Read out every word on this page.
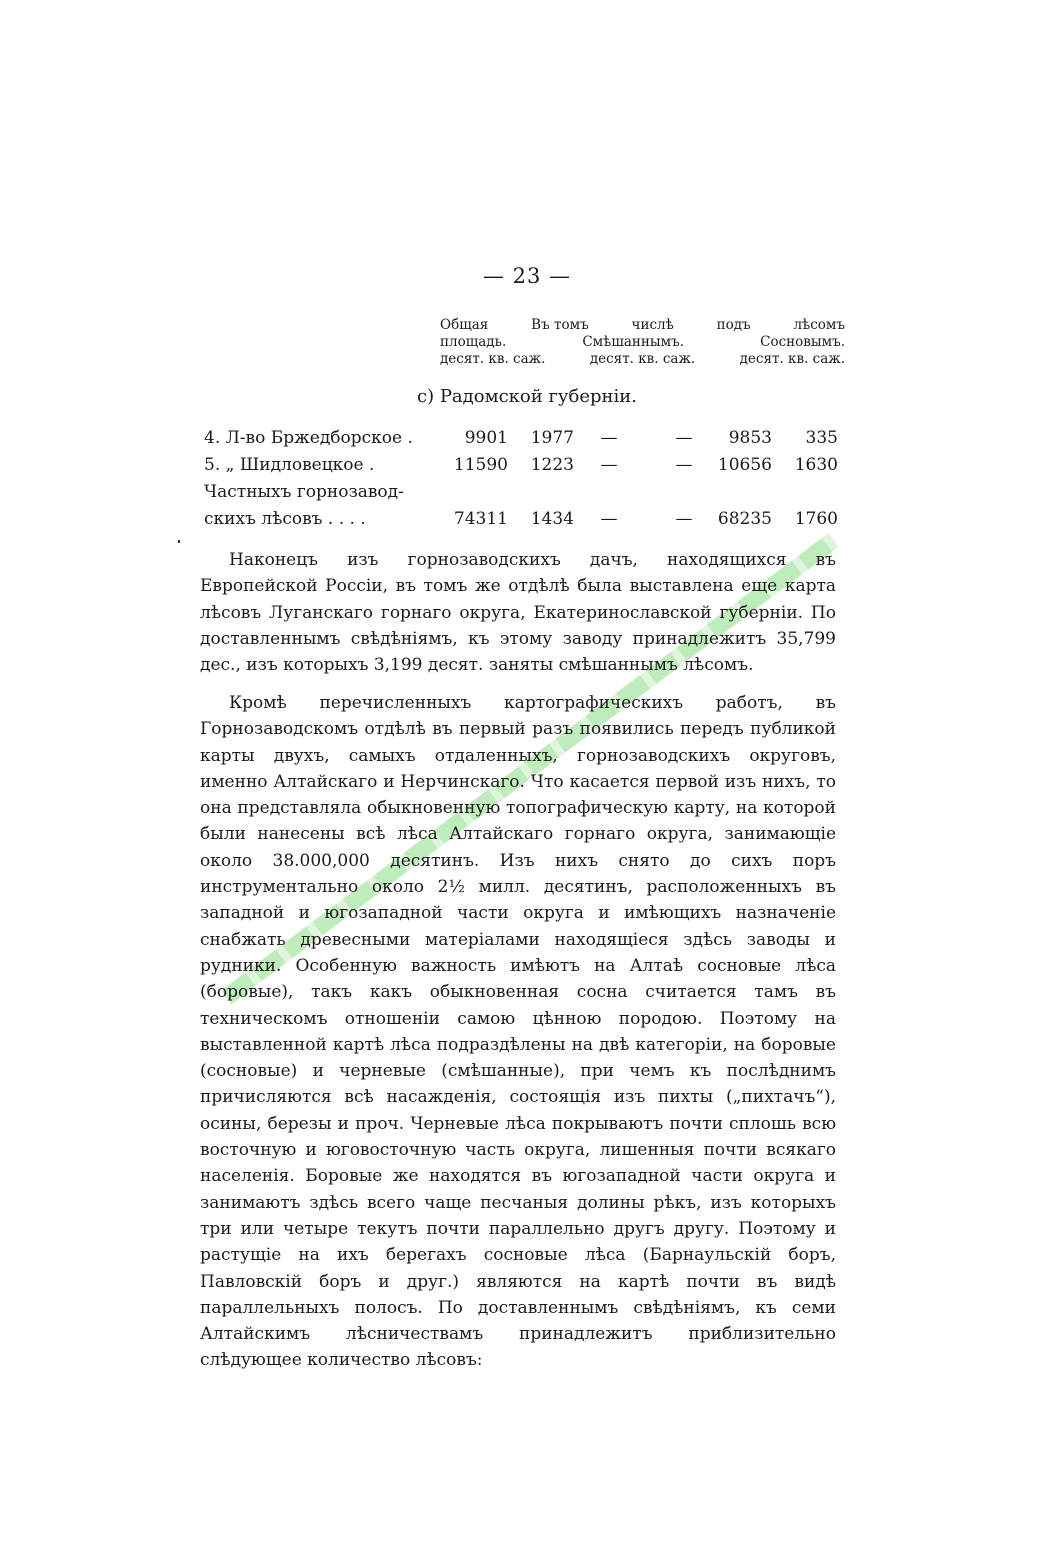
— 23 —
Общая	Въ томъ	числѣ	подъ	лѣсомъ
площадь.	Смѣшаннымъ.	Сосновымъ.
десят. кв. саж.	десят. кв. саж.	десят. кв. саж.
c) Радомской губерніи.
4. Л-во Бржедборское .	9901	1977	—	—	9853	335
5. „ Шидловецкое .	11590	1223	—	—	10656	1630
Частныхъ горнозавод-
скихъ лѣсовъ . . . .	74311	1434	—	—	68235	1760

Наконецъ изъ горнозаводскихъ дачъ, находящихся въ Европейской Россіи, въ томъ же отдѣлѣ была выставлена еще карта лѣсовъ Луганскаго горнаго округа, Екатеринославской губерніи. По доставленнымъ свѣдѣніямъ, къ этому заводу принадлежитъ 35,799 дес., изъ которыхъ 3,199 десят. заняты смѣшаннымъ лѣсомъ.

Кромѣ перечисленныхъ картографическихъ работъ, въ Горнозаводскомъ отдѣлѣ въ первый разъ появились передъ публикой карты двухъ, самыхъ отдаленныхъ, горнозаводскихъ округовъ, именно Алтайскаго и Нерчинскаго. Что касается первой изъ нихъ, то она представляла обыкновенную топографическую карту, на которой были нанесены всѣ лѣса Алтайскаго горнаго округа, занимающіе около 38.000,000 десятинъ. Изъ нихъ снято до сихъ поръ инструментально около 2½ милл. десятинъ, расположенныхъ въ западной и югозападной части округа и имѣющихъ назначеніе снабжать древесными матеріалами находящіеся здѣсь заводы и рудники. Особенную важность имѣютъ на Алтаѣ сосновые лѣса (боровые), такъ какъ обыкновенная сосна считается тамъ въ техническомъ отношеніи самою цѣнною породою. Поэтому на выставленной картѣ лѣса подраздѣлены на двѣ категоріи, на боровые (сосновые) и черневые (смѣшанные), при чемъ къ послѣднимъ причисляются всѣ насажденія, состоящія изъ пихты („пихтачъ“), осины, березы и проч. Черневые лѣса покрываютъ почти сплошь всю восточную и юговосточную часть округа, лишенныя почти всякаго населенія. Боровые же находятся въ югозападной части округа и занимаютъ здѣсь всего чаще песчаныя долины рѣкъ, изъ которыхъ три или четыре текутъ почти параллельно другъ другу. Поэтому и растущіе на ихъ берегахъ сосновые лѣса (Барнаульскій боръ, Павловскій боръ и друг.) являются на картѣ почти въ видѣ параллельныхъ полосъ. По доставленнымъ свѣдѣніямъ, къ семи Алтайскимъ лѣсничествамъ принадлежитъ приблизительно слѣдующее количество лѣсовъ:
